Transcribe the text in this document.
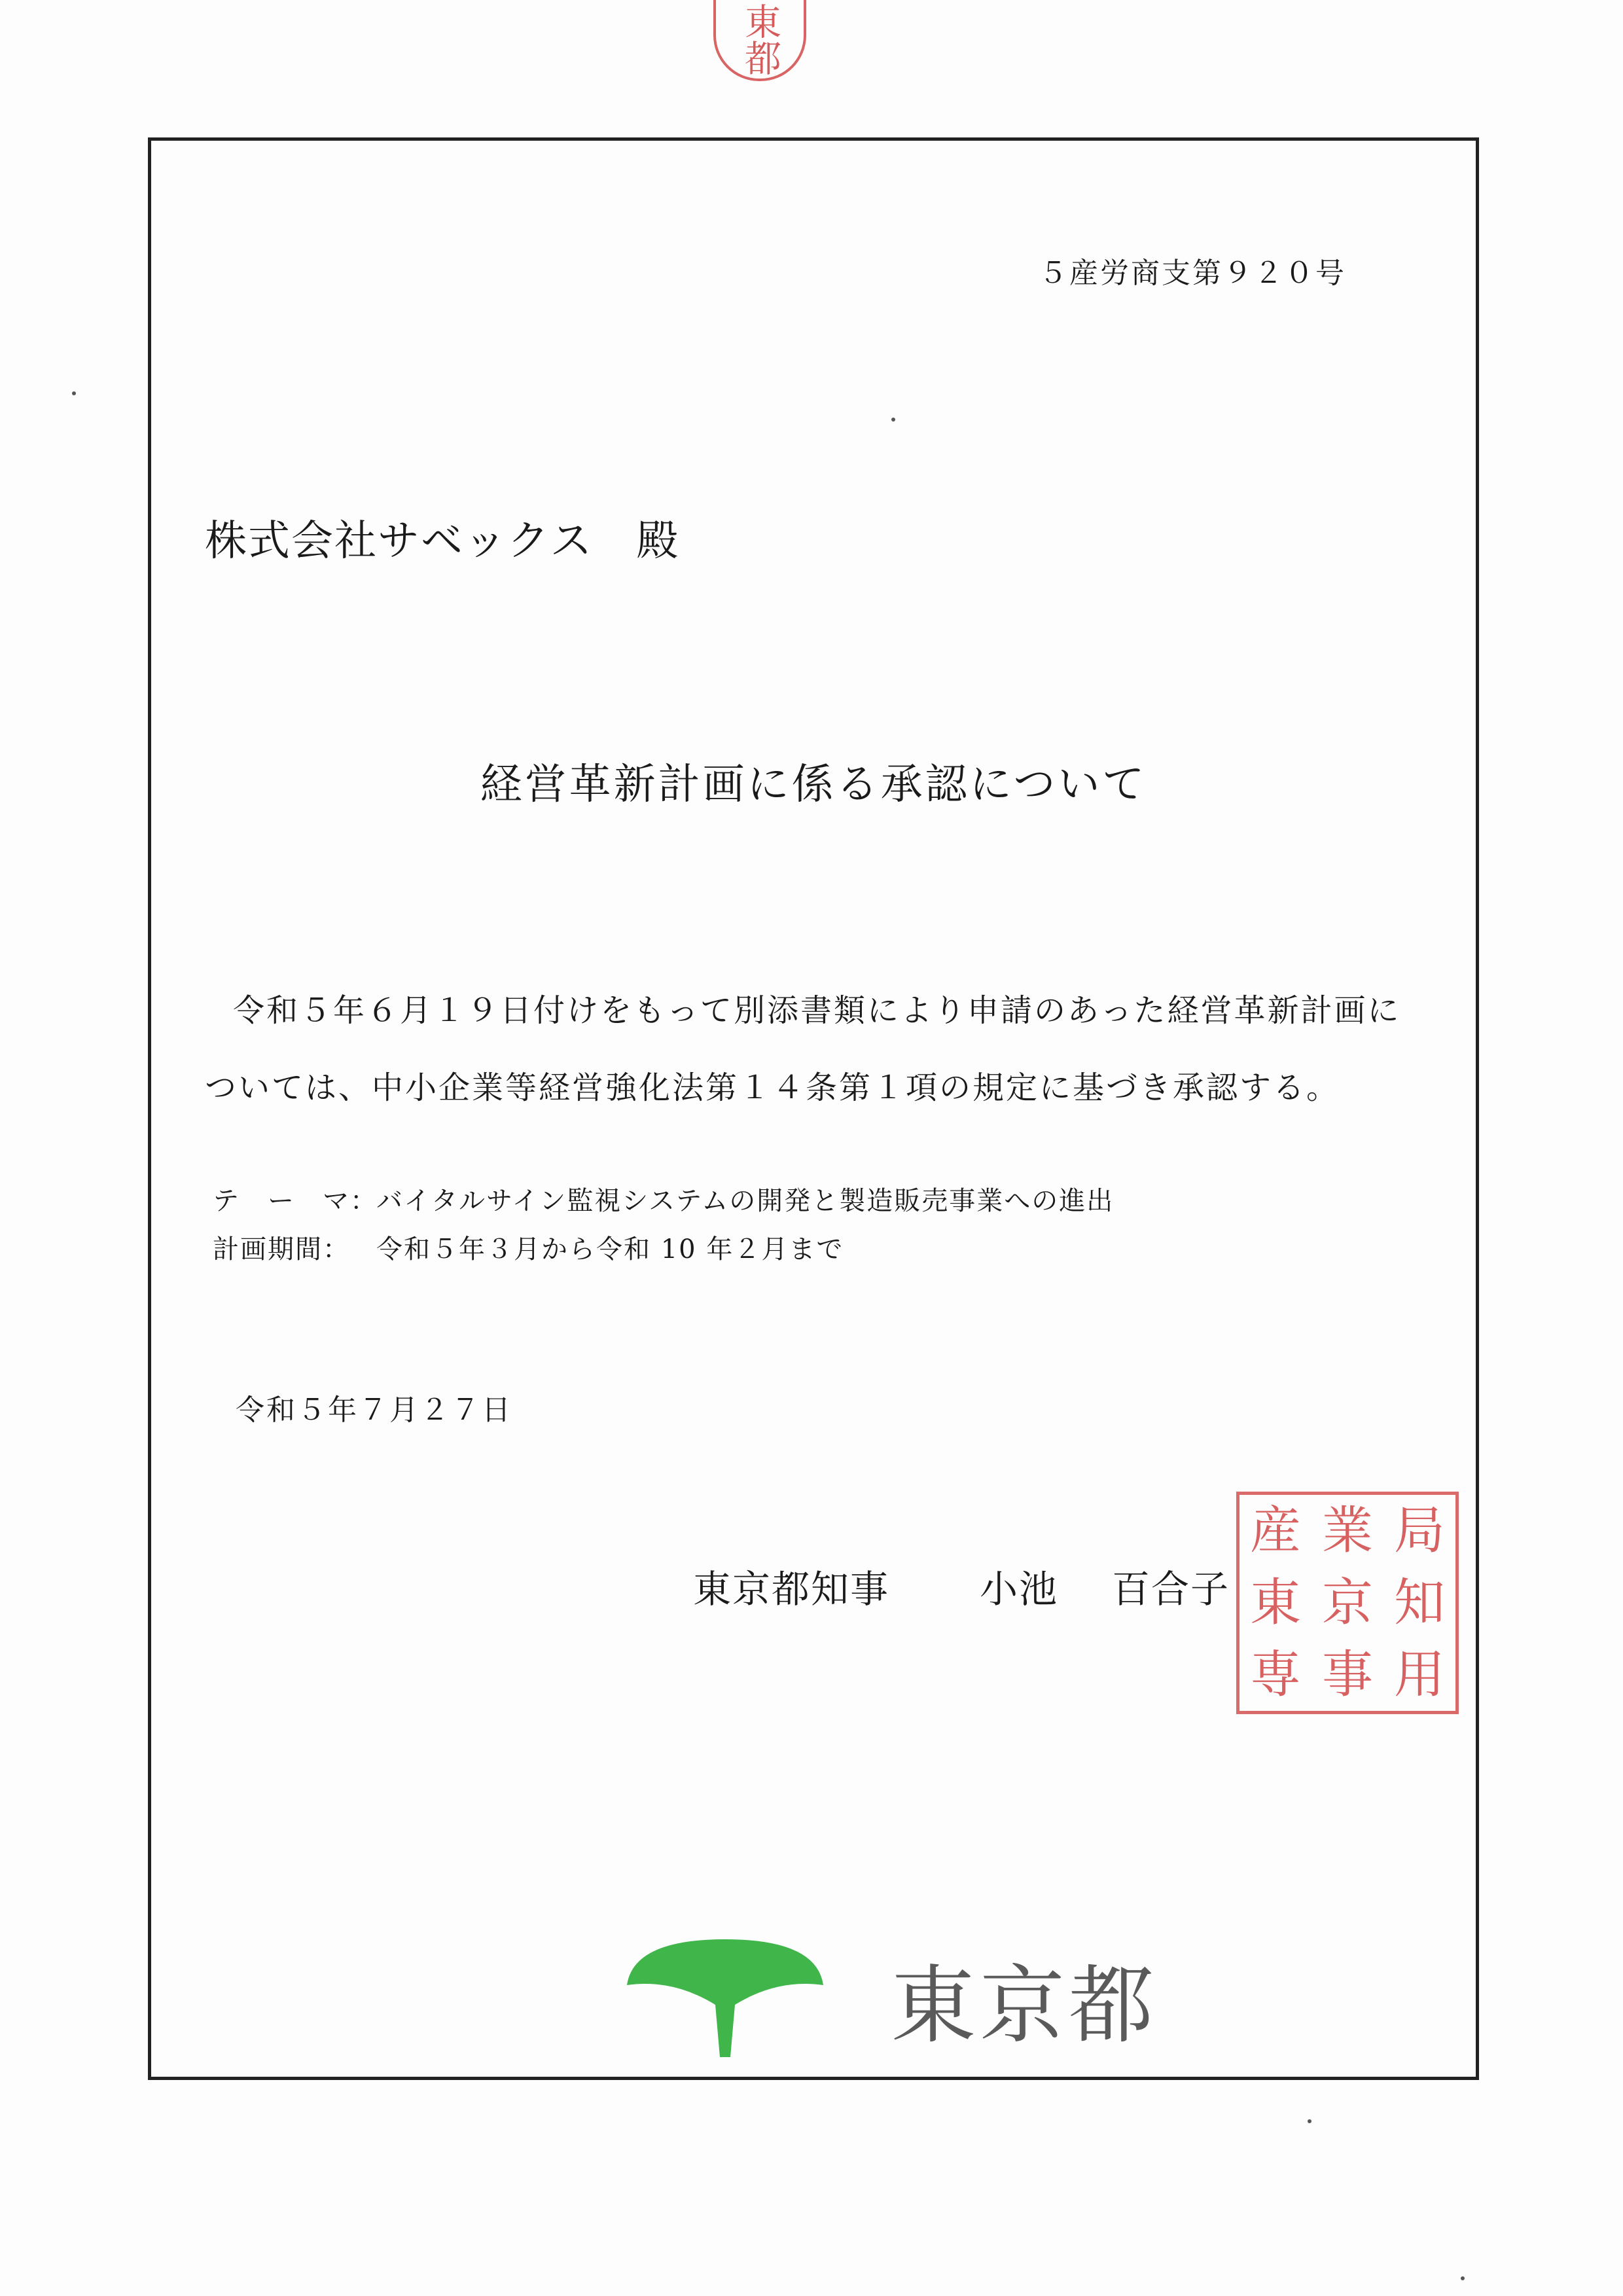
東都
５産労商支第９２０号
株式会社サベックス　殿
経営革新計画に係る承認について
令和５年６月１９日付けをもって別添書類により申請のあった経営革新計画に
ついては、中小企業等経営強化法第１４条第１項の規定に基づき承認する。
テ　ー　マ：バイタルサイン監視システムの開発と製造販売事業への進出
計画期間： 令和５年３月から令和 10 年２月まで
令和５年７月２７日
東京都知事 小池 百合子
産 業 局
東 京 知
専 事 用
東京都
